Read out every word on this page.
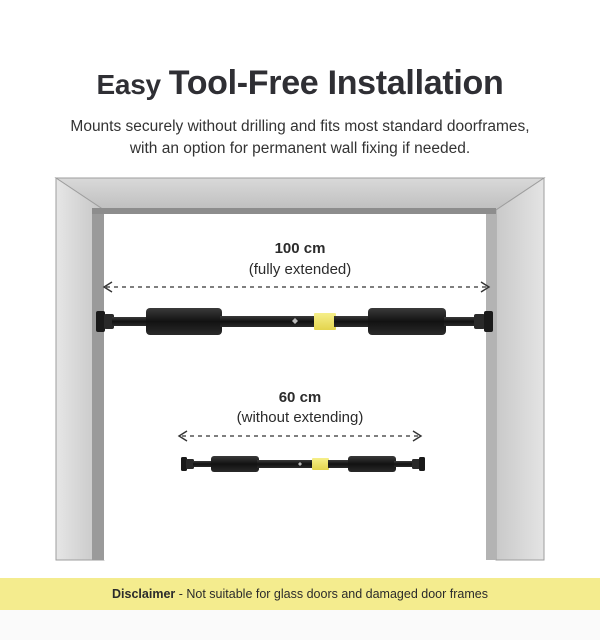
Easy Tool-Free Installation
Mounts securely without drilling and fits most standard doorframes, with an option for permanent wall fixing if needed.
100 cm
(fully extended)
60 cm
(without extending)
Disclaimer - Not suitable for glass doors and damaged door frames
